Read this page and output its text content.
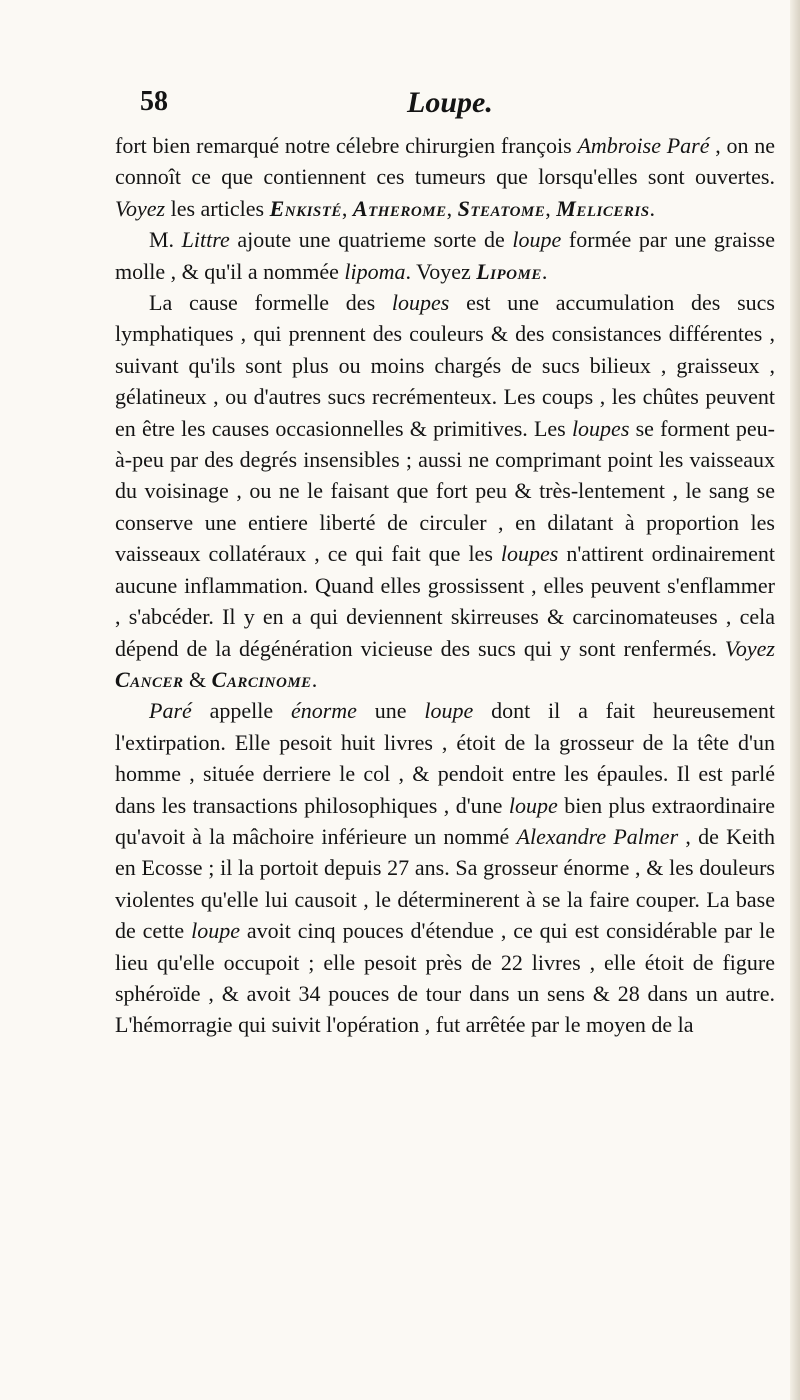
58	Loupe.

fort bien remarqué notre célebre chirurgien françois Ambroise Paré , on ne connoît ce que contiennent ces tumeurs que lorsqu'elles sont ouvertes. Voyez les articles Enkisté, Atherome, Steatome, Meliceris.

M. Littre ajoute une quatrieme sorte de loupe formée par une graisse molle , & qu'il a nommée lipoma. Voyez Lipome.

La cause formelle des loupes est une accumulation des sucs lymphatiques , qui prennent des couleurs & des consistances différentes , suivant qu'ils sont plus ou moins chargés de sucs bilieux , graisseux , gélatineux , ou d'autres sucs recrémenteux. Les coups , les chûtes peuvent en être les causes occasionnelles & primitives. Les loupes se forment peu-à-peu par des degrés insensibles ; aussi ne comprimant point les vaisseaux du voisinage , ou ne le faisant que fort peu & très-lentement , le sang se conserve une entiere liberté de circuler , en dilatant à proportion les vaisseaux collatéraux , ce qui fait que les loupes n'attirent ordinairement aucune inflammation. Quand elles grossissent , elles peuvent s'enflammer , s'abcéder. Il y en a qui deviennent skirreuses & carcinomateuses , cela dépend de la dégénération vicieuse des sucs qui y sont renfermés. Voyez Cancer & Carcinome.

Paré appelle énorme une loupe dont il a fait heureusement l'extirpation. Elle pesoit huit livres , étoit de la grosseur de la tête d'un homme , située derriere le col , & pendoit entre les épaules. Il est parlé dans les transactions philosophiques , d'une loupe bien plus extraordinaire qu'avoit à la mâchoire inférieure un nommé Alexandre Palmer , de Keith en Ecosse ; il la portoit depuis 27 ans. Sa grosseur énorme , & les douleurs violentes qu'elle lui causoit , le déterminerent à se la faire couper. La base de cette loupe avoit cinq pouces d'étendue , ce qui est considérable par le lieu qu'elle occupoit ; elle pesoit près de 22 livres , elle étoit de figure sphéroïde , & avoit 34 pouces de tour dans un sens & 28 dans un autre. L'hémorragie qui suivit l'opération , fut arrêtée par le moyen de la
